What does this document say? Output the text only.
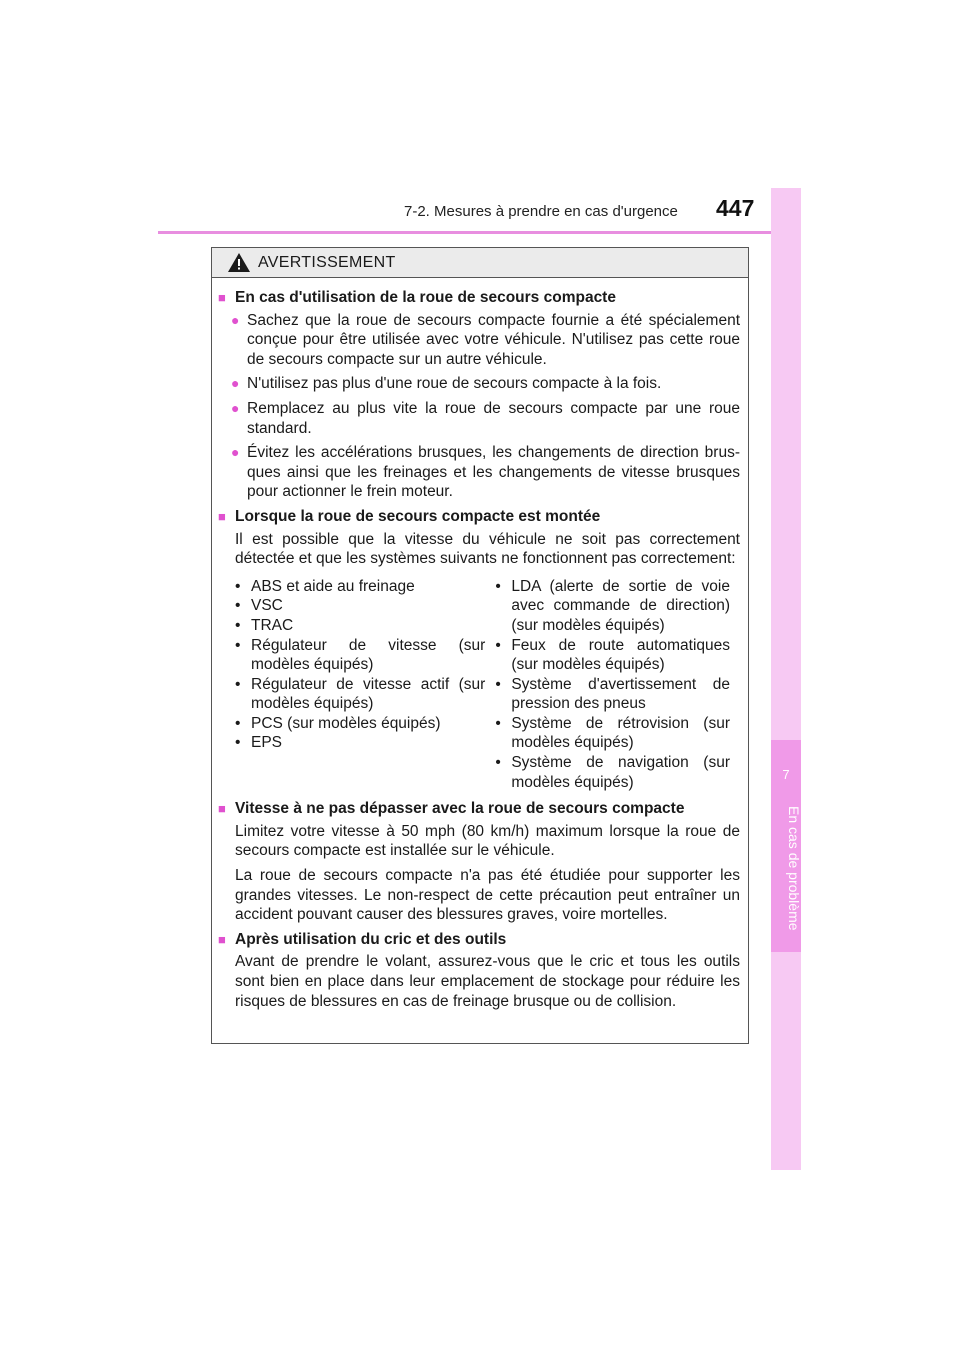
7-2. Mesures à prendre en cas d'urgence 447
7
En cas de problème
AVERTISSEMENT
■ En cas d'utilisation de la roue de secours compacte
● Sachez que la roue de secours compacte fournie a été spécialement conçue pour être utilisée avec votre véhicule. N'utilisez pas cette roue de secours compacte sur un autre véhicule.
● N'utilisez pas plus d'une roue de secours compacte à la fois.
● Remplacez au plus vite la roue de secours compacte par une roue standard.
● Évitez les accélérations brusques, les changements de direction brusques ainsi que les freinages et les changements de vitesse brusques pour actionner le frein moteur.
■ Lorsque la roue de secours compacte est montée
Il est possible que la vitesse du véhicule ne soit pas correctement détectée et que les systèmes suivants ne fonctionnent pas correctement:
• ABS et aide au freinage
• VSC
• TRAC
• Régulateur de vitesse (sur modèles équipés)
• Régulateur de vitesse actif (sur modèles équipés)
• PCS (sur modèles équipés)
• EPS
• LDA (alerte de sortie de voie avec commande de direction) (sur modèles équipés)
• Feux de route automatiques (sur modèles équipés)
• Système d'avertissement de pression des pneus
• Système de rétrovision (sur modèles équipés)
• Système de navigation (sur modèles équipés)
■ Vitesse à ne pas dépasser avec la roue de secours compacte
Limitez votre vitesse à 50 mph (80 km/h) maximum lorsque la roue de secours compacte est installée sur le véhicule.
La roue de secours compacte n'a pas été étudiée pour supporter les grandes vitesses. Le non-respect de cette précaution peut entraîner un accident pouvant causer des blessures graves, voire mortelles.
■ Après utilisation du cric et des outils
Avant de prendre le volant, assurez-vous que le cric et tous les outils sont bien en place dans leur emplacement de stockage pour réduire les risques de blessures en cas de freinage brusque ou de collision.
